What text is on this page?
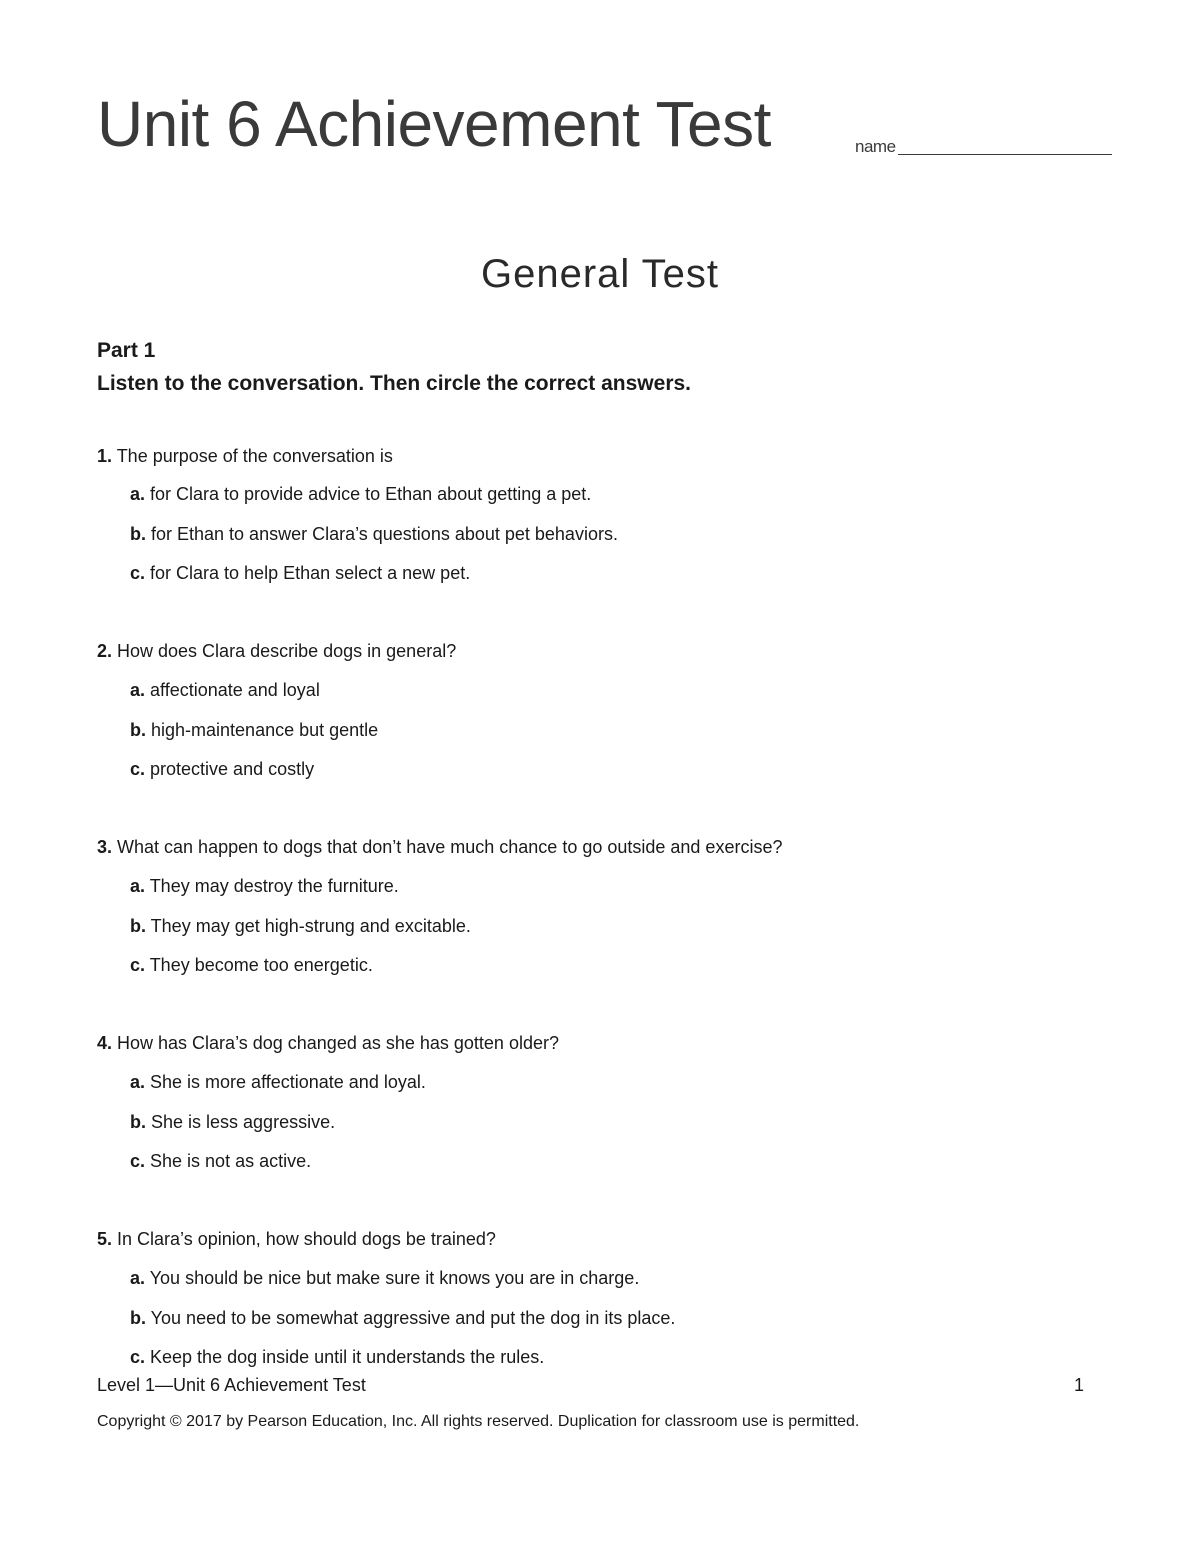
Unit 6 Achievement Test	name
General Test
Part 1
Listen to the conversation. Then circle the correct answers.
1. The purpose of the conversation is
a. for Clara to provide advice to Ethan about getting a pet.
b. for Ethan to answer Clara’s questions about pet behaviors.
c. for Clara to help Ethan select a new pet.
2. How does Clara describe dogs in general?
a. affectionate and loyal
b. high-maintenance but gentle
c. protective and costly
3. What can happen to dogs that don’t have much chance to go outside and exercise?
a. They may destroy the furniture.
b. They may get high-strung and excitable.
c. They become too energetic.
4. How has Clara’s dog changed as she has gotten older?
a. She is more affectionate and loyal.
b. She is less aggressive.
c. She is not as active.
5. In Clara’s opinion, how should dogs be trained?
a. You should be nice but make sure it knows you are in charge.
b. You need to be somewhat aggressive and put the dog in its place.
c. Keep the dog inside until it understands the rules.
Level 1—Unit 6 Achievement Test	1
Copyright © 2017 by Pearson Education, Inc. All rights reserved. Duplication for classroom use is permitted.
